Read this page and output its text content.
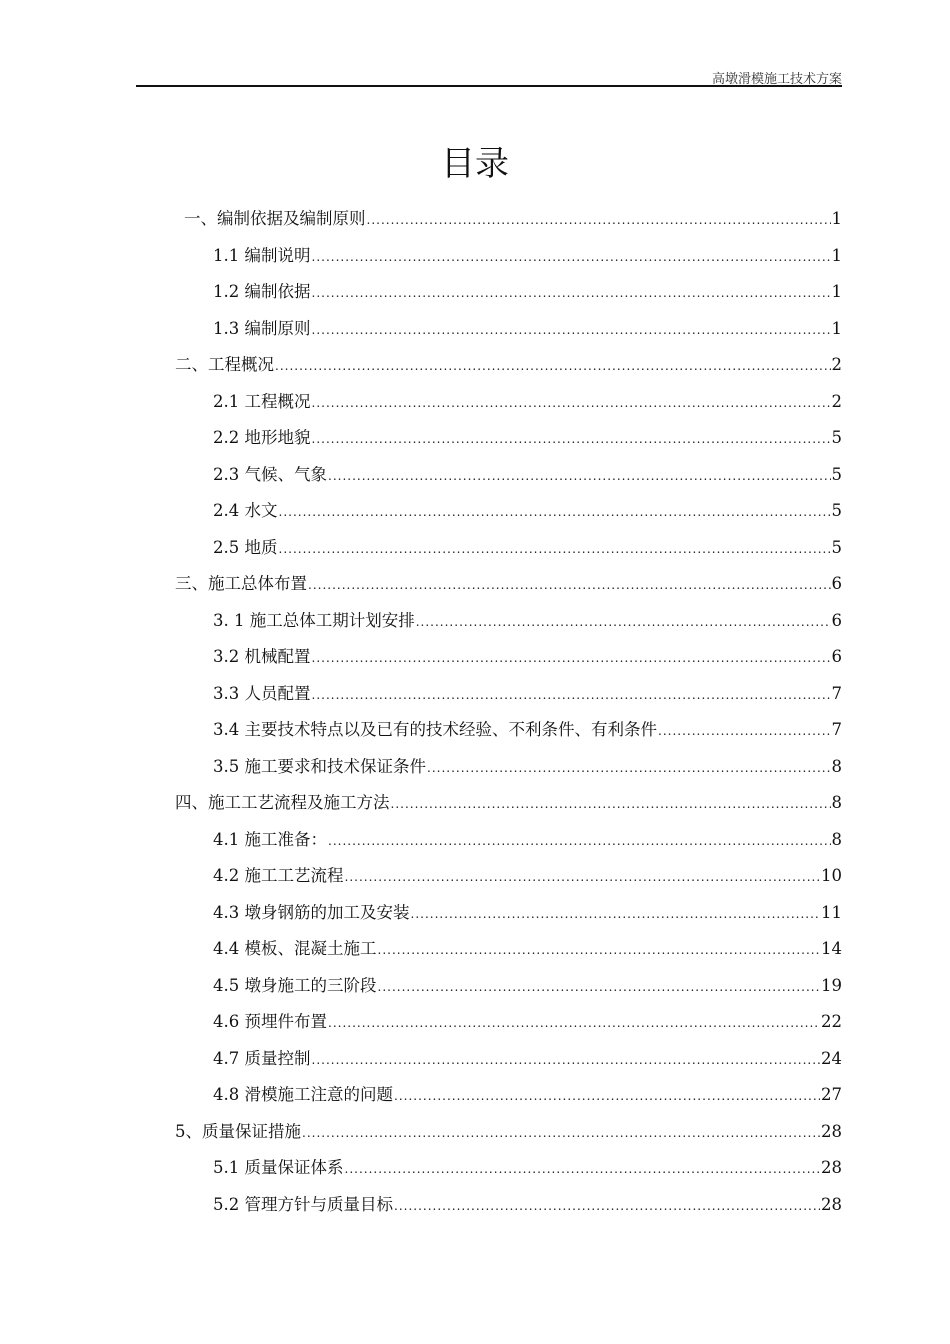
高墩滑模施工技术方案
目录
一、编制依据及编制原则 .....	1
1.1 编制说明 .....	1
1.2 编制依据 .....	1
1.3 编制原则 .....	1
二、工程概况 .....	2
2.1 工程概况 .....	2
2.2 地形地貌 .....	5
2.3 气候、气象 .....	5
2.4 水文 .....	5
2.5 地质 .....	5
三、施工总体布置 .....	6
3. 1 施工总体工期计划安排 .....	6
3.2 机械配置 .....	6
3.3 人员配置 .....	7
3.4 主要技术特点以及已有的技术经验、不利条件、有利条件 .....	7
3.5 施工要求和技术保证条件 .....	8
四、施工工艺流程及施工方法 .....	8
4.1 施工准备： .....	8
4.2 施工工艺流程 .....	10
4.3 墩身钢筋的加工及安装 .....	11
4.4 模板、混凝土施工 .....	14
4.5 墩身施工的三阶段 .....	19
4.6 预埋件布置 .....	22
4.7 质量控制 .....	24
4.8 滑模施工注意的问题 .....	27
5、质量保证措施 .....	28
5.1 质量保证体系 .....	28
5.2 管理方针与质量目标 .....	28
